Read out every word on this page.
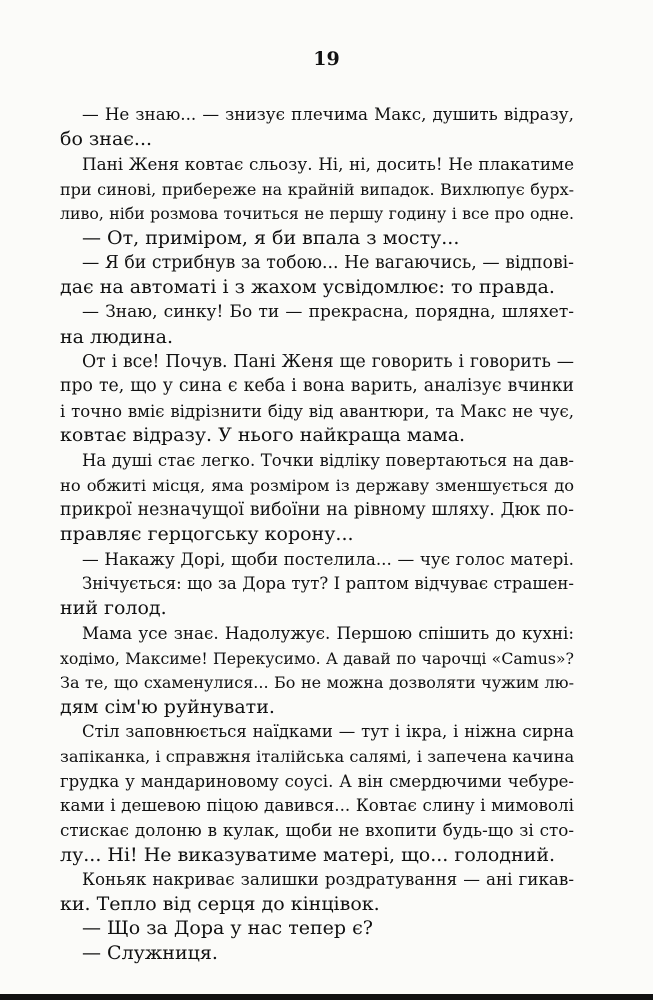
19
— Не знаю... — знизує плечима Макс, душить відразу,
бо знає...
Пані Женя ковтає сльозу. Ні, ні, досить! Не плакатиме
при синові, прибереже на крайній випадок. Вихлюпує бурх-
ливо, ніби розмова точиться не першу годину і все про одне.
— От, приміром, я би впала з мосту...
— Я би стрибнув за тобою... Не вагаючись, — відпові-
дає на автоматі і з жахом усвідомлює: то правда.
— Знаю, синку! Бо ти — прекрасна, порядна, шляхет-
на людина.
От і все! Почув. Пані Женя ще говорить і говорить —
про те, що у сина є кеба і вона варить, аналізує вчинки
і точно вміє відрізнити біду від авантюри, та Макс не чує,
ковтає відразу. У нього найкраща мама.
На душі стає легко. Точки відліку повертаються на дав-
но обжиті місця, яма розміром із державу зменшується до
прикрої незначущої вибоїни на рівному шляху. Дюк по-
правляє герцогську корону...
— Накажу Дорі, щоби постелила... — чує голос матері.
Знічується: що за Дора тут? І раптом відчуває страшен-
ний голод.
Мама усе знає. Надолужує. Першою спішить до кухні:
ходімо, Максиме! Перекусимо. А давай по чарочці «Camus»?
За те, що схаменулися... Бо не можна дозволяти чужим лю-
дям сім'ю руйнувати.
Стіл заповнюється наїдками — тут і ікра, і ніжна сирна
запіканка, і справжня італійська салямі, і запечена качина
грудка у мандариновому соусі. А він смердючими чебуре-
ками і дешевою піцою давився... Ковтає слину і мимоволі
стискає долоню в кулак, щоби не вхопити будь-що зі сто-
лу... Ні! Не виказуватиме матері, що... голодний.
Коньяк накриває залишки роздратування — ані гикав-
ки. Тепло від серця до кінцівок.
— Що за Дора у нас тепер є?
— Служниця.
